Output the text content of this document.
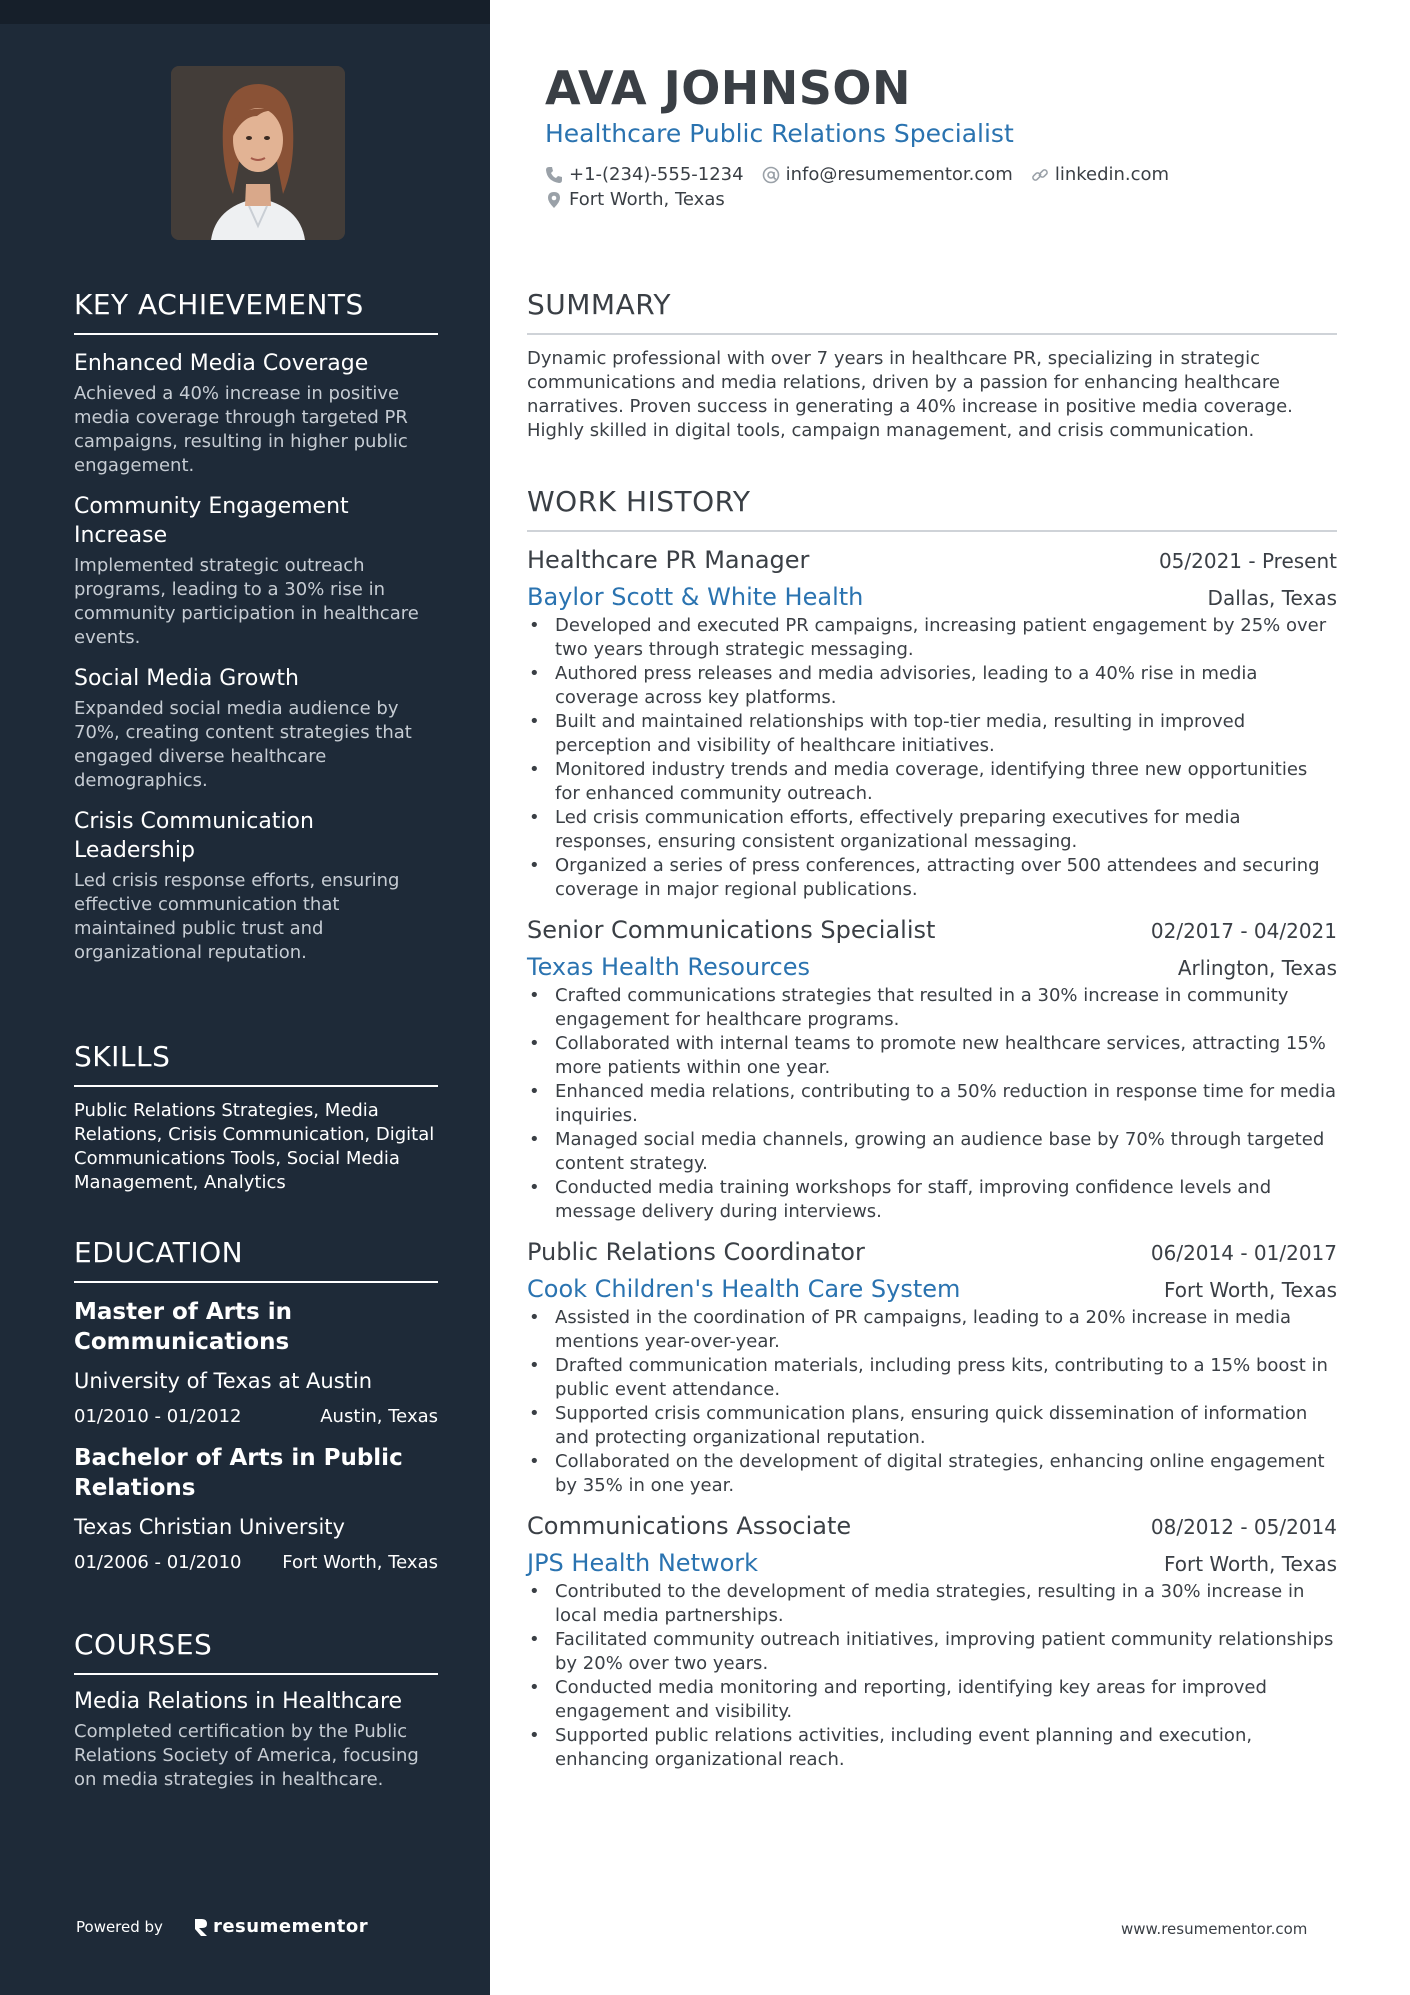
KEY ACHIEVEMENTS
Enhanced Media Coverage
Achieved a 40% increase in positive media coverage through targeted PR campaigns, resulting in higher public engagement.
Community Engagement Increase
Implemented strategic outreach programs, leading to a 30% rise in community participation in healthcare events.
Social Media Growth
Expanded social media audience by 70%, creating content strategies that engaged diverse healthcare demographics.
Crisis Communication Leadership
Led crisis response efforts, ensuring effective communication that maintained public trust and organizational reputation.
SKILLS
Public Relations Strategies, Media Relations, Crisis Communication, Digital Communications Tools, Social Media Management, Analytics
EDUCATION
Master of Arts in Communications
University of Texas at Austin
01/2010 - 01/2012	Austin, Texas
Bachelor of Arts in Public Relations
Texas Christian University
01/2006 - 01/2010 Fort Worth, Texas
COURSES
Media Relations in Healthcare
Completed certification by the Public Relations Society of America, focusing on media strategies in healthcare.
Powered by	resumementor
AVA JOHNSON
Healthcare Public Relations Specialist
+1-(234)-555-1234 info@resumementor.com linkedin.com
Fort Worth, Texas
SUMMARY
Dynamic professional with over 7 years in healthcare PR, specializing in strategic communications and media relations, driven by a passion for enhancing healthcare narratives. Proven success in generating a 40% increase in positive media coverage. Highly skilled in digital tools, campaign management, and crisis communication.
WORK HISTORY
Healthcare PR Manager	05/2021 - Present
Baylor Scott & White Health	Dallas, Texas
• Developed and executed PR campaigns, increasing patient engagement by 25% over two years through strategic messaging.
• Authored press releases and media advisories, leading to a 40% rise in media coverage across key platforms.
• Built and maintained relationships with top-tier media, resulting in improved perception and visibility of healthcare initiatives.
• Monitored industry trends and media coverage, identifying three new opportunities for enhanced community outreach.
• Led crisis communication efforts, effectively preparing executives for media responses, ensuring consistent organizational messaging.
• Organized a series of press conferences, attracting over 500 attendees and securing coverage in major regional publications.
Senior Communications Specialist	02/2017 - 04/2021
Texas Health Resources	Arlington, Texas
• Crafted communications strategies that resulted in a 30% increase in community engagement for healthcare programs.
• Collaborated with internal teams to promote new healthcare services, attracting 15% more patients within one year.
• Enhanced media relations, contributing to a 50% reduction in response time for media inquiries.
• Managed social media channels, growing an audience base by 70% through targeted content strategy.
• Conducted media training workshops for staff, improving confidence levels and message delivery during interviews.
Public Relations Coordinator	06/2014 - 01/2017
Cook Children's Health Care System	Fort Worth, Texas
• Assisted in the coordination of PR campaigns, leading to a 20% increase in media mentions year-over-year.
• Drafted communication materials, including press kits, contributing to a 15% boost in public event attendance.
• Supported crisis communication plans, ensuring quick dissemination of information and protecting organizational reputation.
• Collaborated on the development of digital strategies, enhancing online engagement by 35% in one year.
Communications Associate	08/2012 - 05/2014
JPS Health Network	Fort Worth, Texas
• Contributed to the development of media strategies, resulting in a 30% increase in local media partnerships.
• Facilitated community outreach initiatives, improving patient community relationships by 20% over two years.
• Conducted media monitoring and reporting, identifying key areas for improved engagement and visibility.
• Supported public relations activities, including event planning and execution, enhancing organizational reach.
www.resumementor.com
